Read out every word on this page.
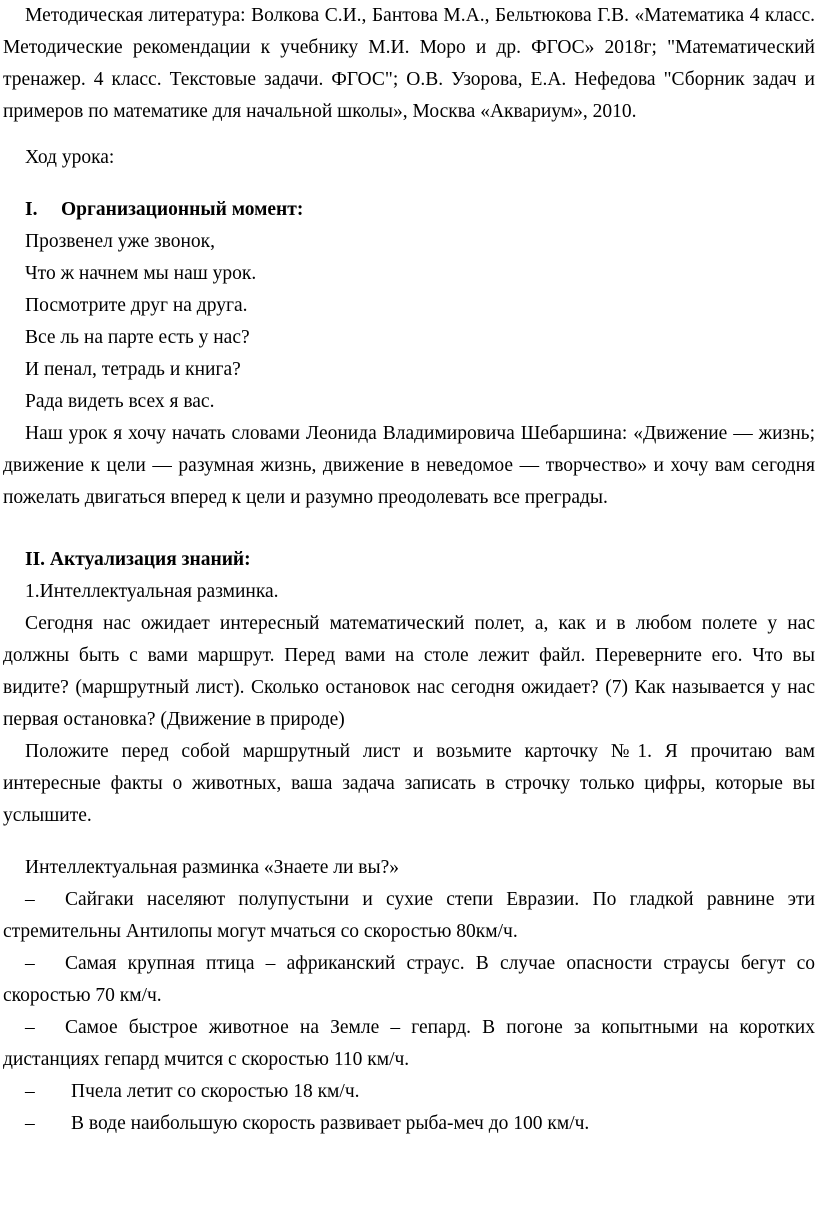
Методическая литература: Волкова С.И., Бантова М.А., Бельтюкова Г.В. «Математика 4 класс. Методические рекомендации к учебнику М.И. Моро и др. ФГОС» 2018г; "Математический тренажер. 4 класс. Текстовые задачи. ФГОС"; О.В. Узорова, Е.А. Нефедова "Сборник задач и примеров по математике для начальной школы», Москва «Аквариум», 2010.

Ход урока:

I. Организационный момент:

Прозвенел уже звонок,

Что ж начнем мы наш урок.

Посмотрите друг на друга.

Все ль на парте есть у нас?

И пенал, тетрадь и книга?

Рада видеть всех я вас.

Наш урок я хочу начать словами Леонида Владимировича Шебаршина: «Движение — жизнь; движение к цели — разумная жизнь, движение в неведомое — творчество» и хочу вам сегодня пожелать двигаться вперед к цели и разумно преодолевать все преграды.

II. Актуализация знаний:

1.Интеллектуальная разминка.

Сегодня нас ожидает интересный математический полет, а, как и в любом полете у нас должны быть с вами маршрут. Перед вами на столе лежит файл. Переверните его. Что вы видите? (маршрутный лист). Сколько остановок нас сегодня ожидает? (7) Как называется у нас первая остановка? (Движение в природе)

Положите перед собой маршрутный лист и возьмите карточку №1. Я прочитаю вам интересные факты о животных, ваша задача записать в строчку только цифры, которые вы услышите.

Интеллектуальная разминка «Знаете ли вы?»

– Сайгаки населяют полупустыни и сухие степи Евразии. По гладкой равнине эти стремительны Антилопы могут мчаться со скоростью 80км/ч.

– Самая крупная птица – африканский страус. В случае опасности страусы бегут со скоростью 70 км/ч.

– Самое быстрое животное на Земле – гепард. В погоне за копытными на коротких дистанциях гепард мчится с скоростью 110 км/ч.

– Пчела летит со скоростью 18 км/ч.

– В воде наибольшую скорость развивает рыба-меч до 100 км/ч.
